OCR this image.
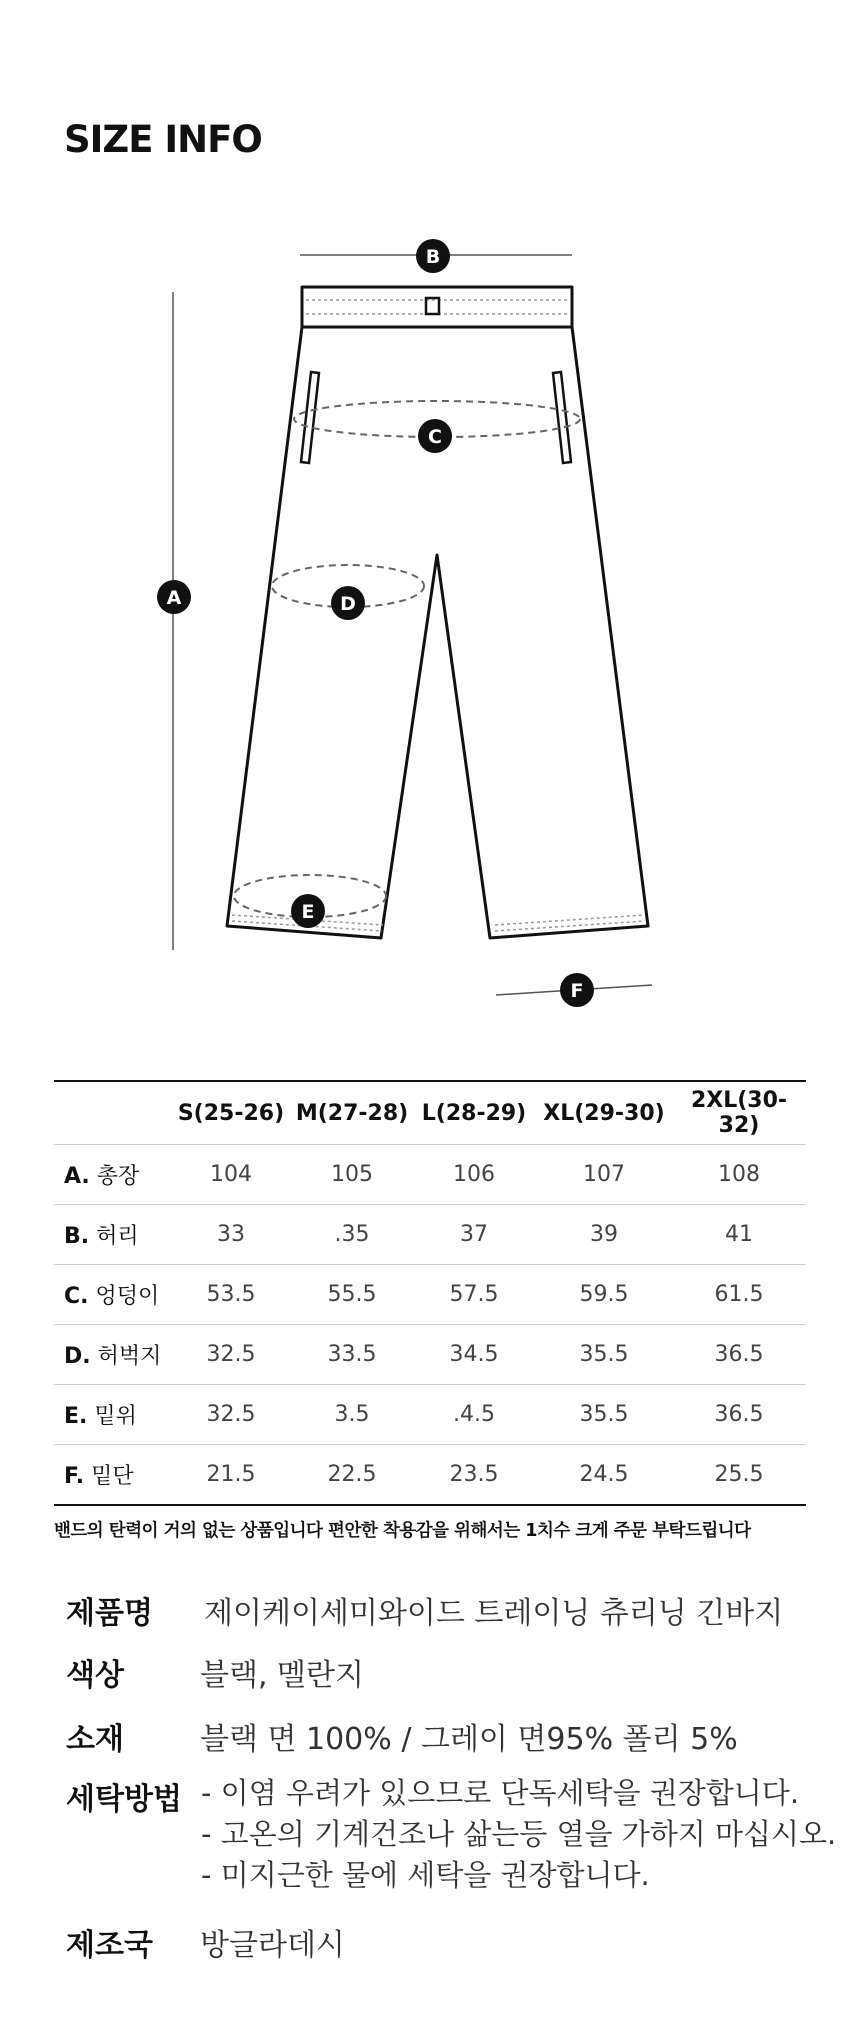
SIZE INFO
A
B
C
D
E
F
	S(25-26)	M(27-28)	L(28-29)	XL(29-30)	2XL(30-32)
A. 총장	104	105	106	107	108
B. 허리	33	.35	37	39	41
C. 엉덩이	53.5	55.5	57.5	59.5	61.5
D. 허벅지	32.5	33.5	34.5	35.5	36.5
E. 밑위	32.5	3.5	.4.5	35.5	36.5
F. 밑단	21.5	22.5	23.5	24.5	25.5
밴드의 탄력이 거의 없는 상품입니다 편안한 착용감을 위해서는 1치수 크게 주문 부탁드립니다
제품명 제이케이세미와이드 트레이닝 츄리닝 긴바지
색상	블랙, 멜란지
소재	블랙 면 100% / 그레이 면95% 폴리 5%
세탁방법 - 이염 우려가 있으므로 단독세탁을 권장합니다.
- 고온의 기계건조나 삶는등 열을 가하지 마십시오.
- 미지근한 물에 세탁을 권장합니다.
제조국 방글라데시
